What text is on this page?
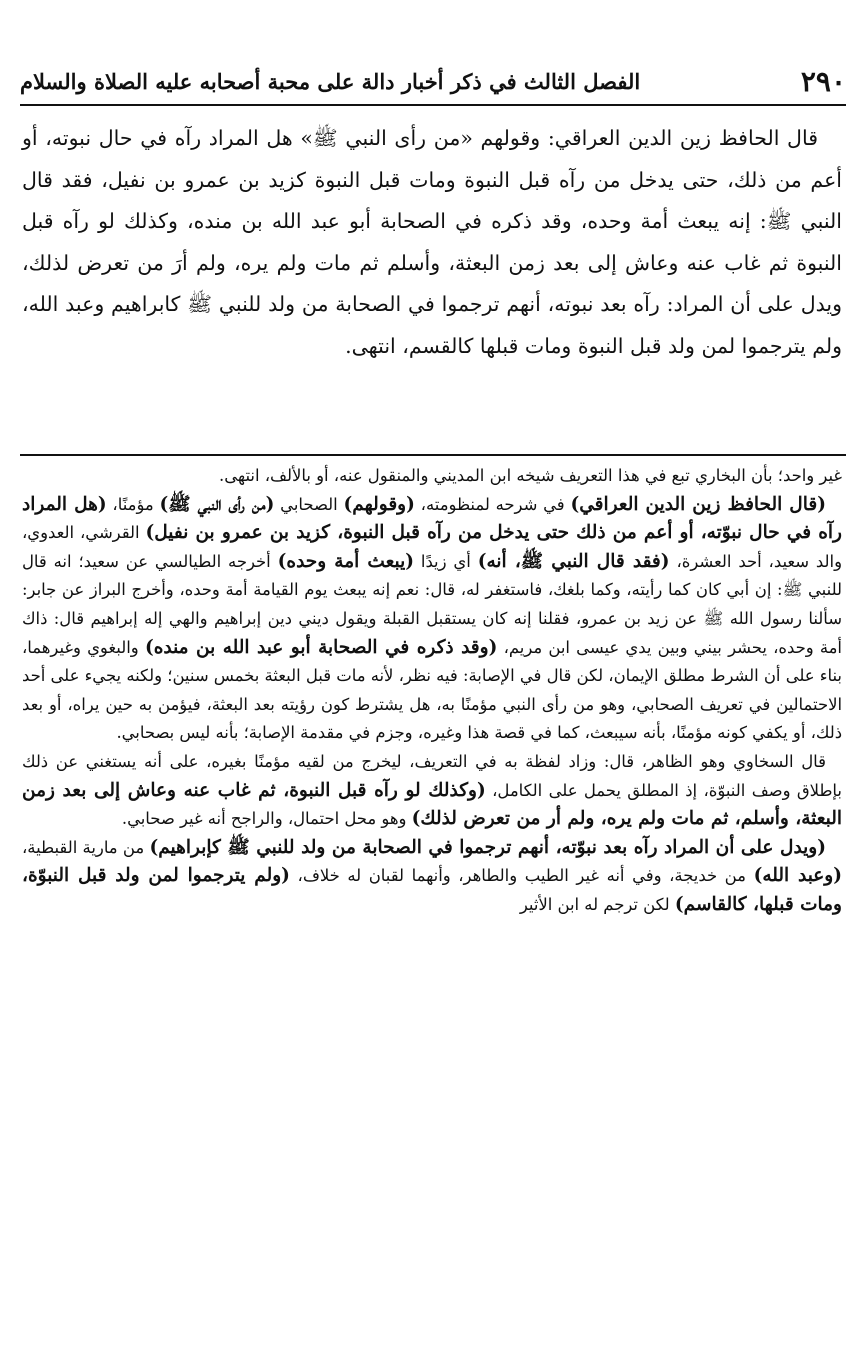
٢٩٠
الفصل الثالث في ذكر أخبار دالة على محبة أصحابه عليه الصلاة والسلام

قال الحافظ زين الدين العراقي: وقولهم «من رأى النبي ﷺ» هل المراد رآه في حال نبوته، أو أعم من ذلك، حتى يدخل من رآه قبل النبوة ومات قبل النبوة كزيد بن عمرو بن نفيل، فقد قال النبي ﷺ: إنه يبعث أمة وحده، وقد ذكره في الصحابة أبو عبد الله بن منده، وكذلك لو رآه قبل النبوة ثم غاب عنه وعاش إلى بعد زمن البعثة، وأسلم ثم مات ولم يره، ولم أرَ من تعرض لذلك، ويدل على أن المراد: رآه بعد نبوته، أنهم ترجموا في الصحابة من ولد للنبي ﷺ كابراهيم وعبد الله، ولم يترجموا لمن ولد قبل النبوة ومات قبلها كالقسم، انتهى.

غير واحد؛ بأن البخاري تبع في هذا التعريف شيخه ابن المديني والمنقول عنه، أو بالألف، انتهى.

(قال الحافظ زين الدين العراقي) في شرحه لمنظومته، (وقولهم) الصحابي (من رأى النبي ﷺ) مؤمنًا، (هل المراد رآه في حال نبوّته، أو أعم من ذلك حتى يدخل من رآه قبل النبوة، كزيد بن عمرو بن نفيل) القرشي، العدوي، والد سعيد، أحد العشرة، (فقد قال النبي ﷺ، أنه) أي زيدًا (يبعث أمة وحده) أخرجه الطيالسي عن سعيد؛ انه قال للنبي ﷺ: إن أبي كان كما رأيته، وكما بلغك، فاستغفر له، قال: نعم إنه يبعث يوم القيامة أمة وحده، وأخرج البراز عن جابر: سألنا رسول الله ﷺ عن زيد بن عمرو، فقلنا إنه كان يستقبل القبلة ويقول ديني دين إبراهيم والهي إله إبراهيم قال: ذاك أمة وحده، يحشر بيني وبين يدي عيسى ابن مريم، (وقد ذكره في الصحابة أبو عبد الله بن منده) والبغوي وغيرهما، بناء على أن الشرط مطلق الإيمان، لكن قال في الإصابة: فيه نظر، لأنه مات قبل البعثة بخمس سنين؛ ولكنه يجيء على أحد الاحتمالين في تعريف الصحابي، وهو من رأى النبي مؤمنًا به، هل يشترط كون رؤيته بعد البعثة، فيؤمن به حين يراه، أو بعد ذلك، أو يكفي كونه مؤمنًا، بأنه سيبعث، كما في قصة هذا وغيره، وجزم في مقدمة الإصابة؛ بأنه ليس بصحابي.

قال السخاوي وهو الظاهر، قال: وزاد لفظة به في التعريف، ليخرج من لقيه مؤمنًا بغيره، على أنه يستغني عن ذلك بإطلاق وصف النبوّة، إذ المطلق يحمل على الكامل، (وكذلك لو رآه قبل النبوة، ثم غاب عنه وعاش إلى بعد زمن البعثة، وأسلم، ثم مات ولم يره، ولم أر من تعرض لذلك) وهو محل احتمال، والراجح أنه غير صحابي.

(ويدل على أن المراد رآه بعد نبوّته، أنهم ترجموا في الصحابة من ولد للنبي ﷺ كإبراهيم) من مارية القبطية، (وعبد الله) من خديجة، وفي أنه غير الطيب والطاهر، وأنهما لقبان له خلاف، (ولم يترجموا لمن ولد قبل النبوّة، ومات قبلها، كالقاسم) لكن ترجم له ابن الأثير
